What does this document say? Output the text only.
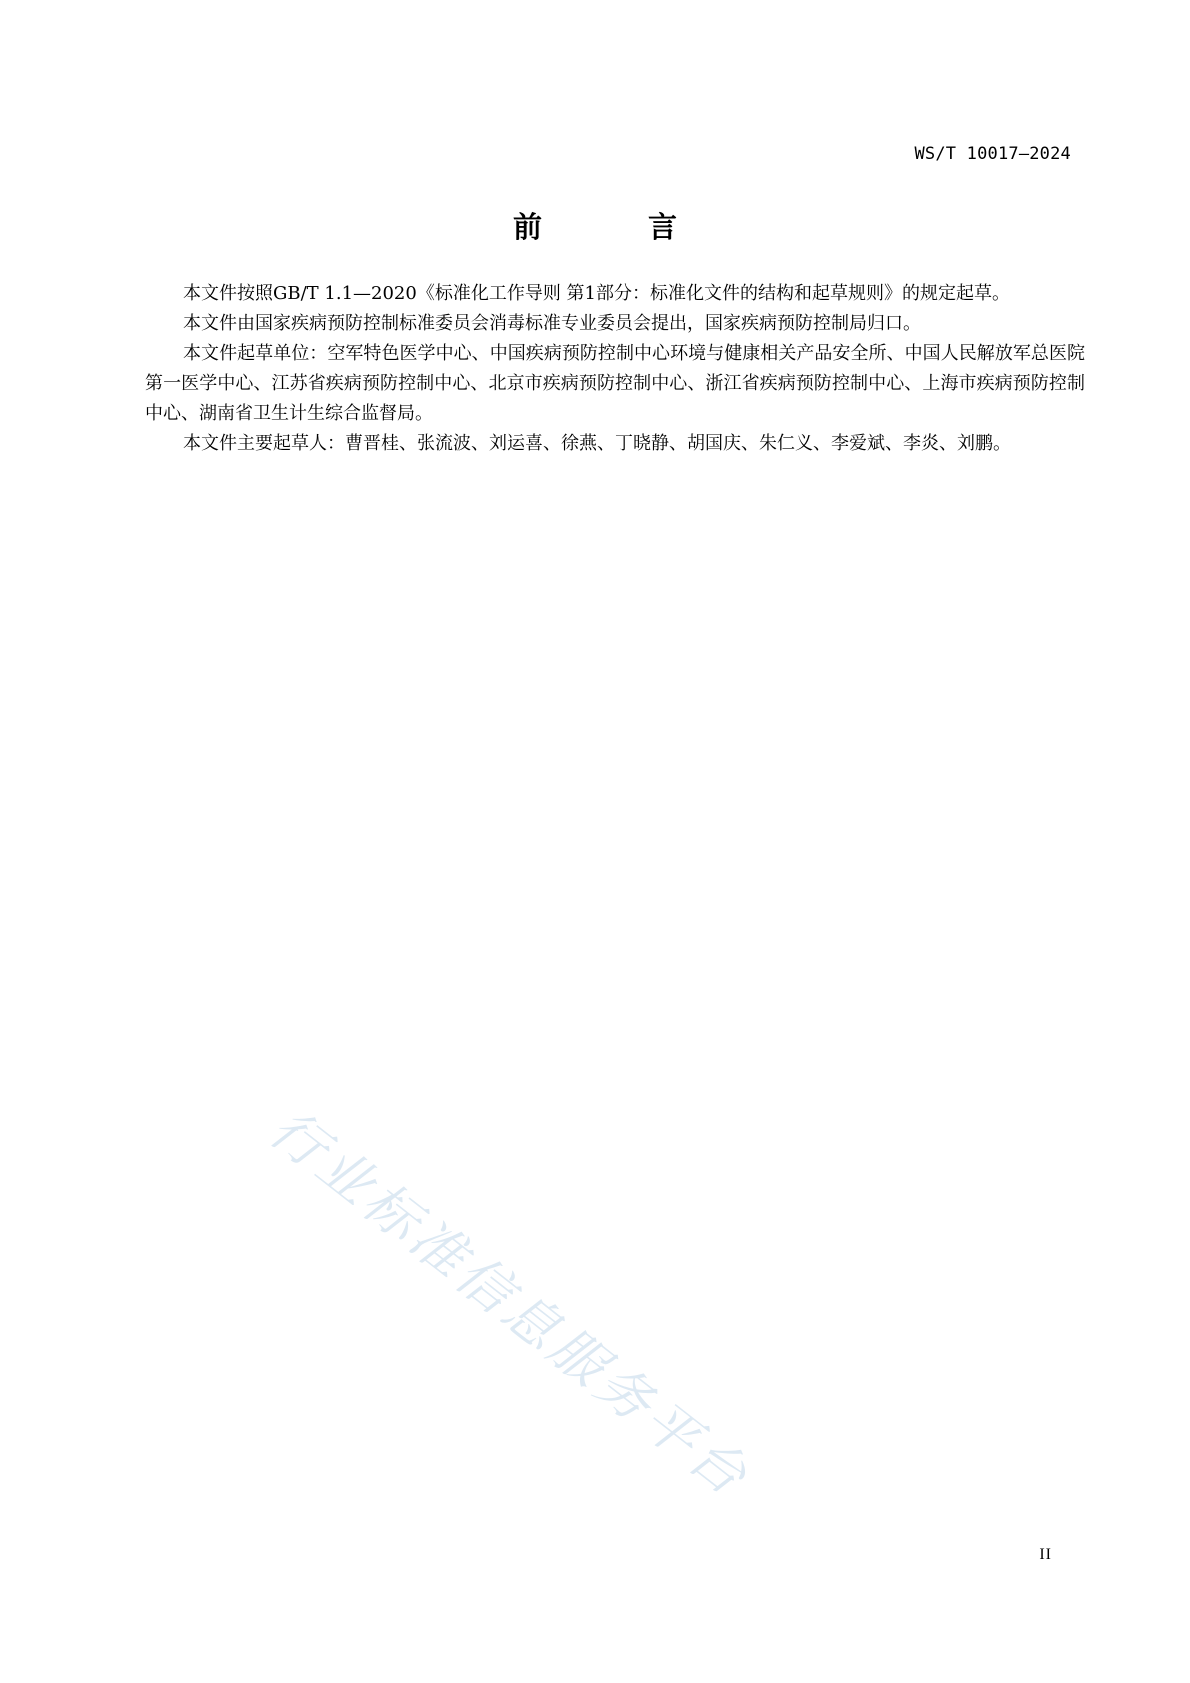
WS/T 10017—2024
前 言

本文件按照GB/T 1.1—2020《标准化工作导则 第1部分：标准化文件的结构和起草规则》的规定起草。

本文件由国家疾病预防控制标准委员会消毒标准专业委员会提出，国家疾病预防控制局归口。

本文件起草单位：空军特色医学中心、中国疾病预防控制中心环境与健康相关产品安全所、中国人民解放军总医院第一医学中心、江苏省疾病预防控制中心、北京市疾病预防控制中心、浙江省疾病预防控制中心、上海市疾病预防控制中心、湖南省卫生计生综合监督局。

本文件主要起草人：曹晋桂、张流波、刘运喜、徐燕、丁晓静、胡国庆、朱仁义、李爱斌、李炎、刘鹏。

行业标准信息服务平台
II
